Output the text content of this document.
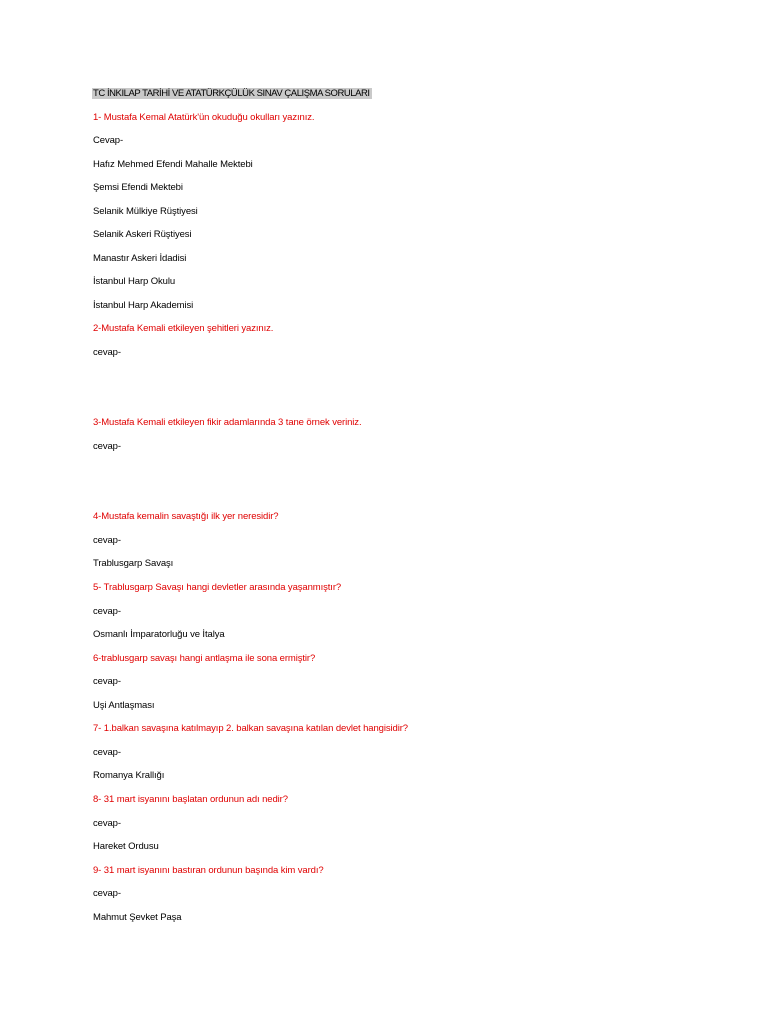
TC İNKILAP TARİHİ VE ATATÜRKÇÜLÜK SINAV ÇALIŞMA SORULARI
1- Mustafa Kemal Atatürk'ün okuduğu okulları yazınız.
Cevap-
Hafız Mehmed Efendi Mahalle Mektebi
Şemsi Efendi Mektebi
Selanik Mülkiye Rüştiyesi
Selanik Askeri Rüştiyesi
Manastır Askeri İdadisi
İstanbul Harp Okulu
İstanbul Harp Akademisi
2-Mustafa Kemali etkileyen şehitleri yazınız.
cevap-
3-Mustafa Kemali etkileyen fikir adamlarında 3 tane örnek veriniz.
cevap-
4-Mustafa kemalin savaştığı ilk yer neresidir?
cevap-
Trablusgarp Savaşı
5- Trablusgarp Savaşı hangi devletler arasında yaşanmıştır?
cevap-
Osmanlı İmparatorluğu ve İtalya
6-trablusgarp savaşı hangi antlaşma ile sona ermiştir?
cevap-
Uşi Antlaşması
7- 1.balkan savaşına katılmayıp 2. balkan savaşına katılan devlet hangisidir?
cevap-
Romanya Krallığı
8- 31 mart isyanını başlatan ordunun adı nedir?
cevap-
Hareket Ordusu
9- 31 mart isyanını bastıran ordunun başında kim vardı?
cevap-
Mahmut Şevket Paşa
